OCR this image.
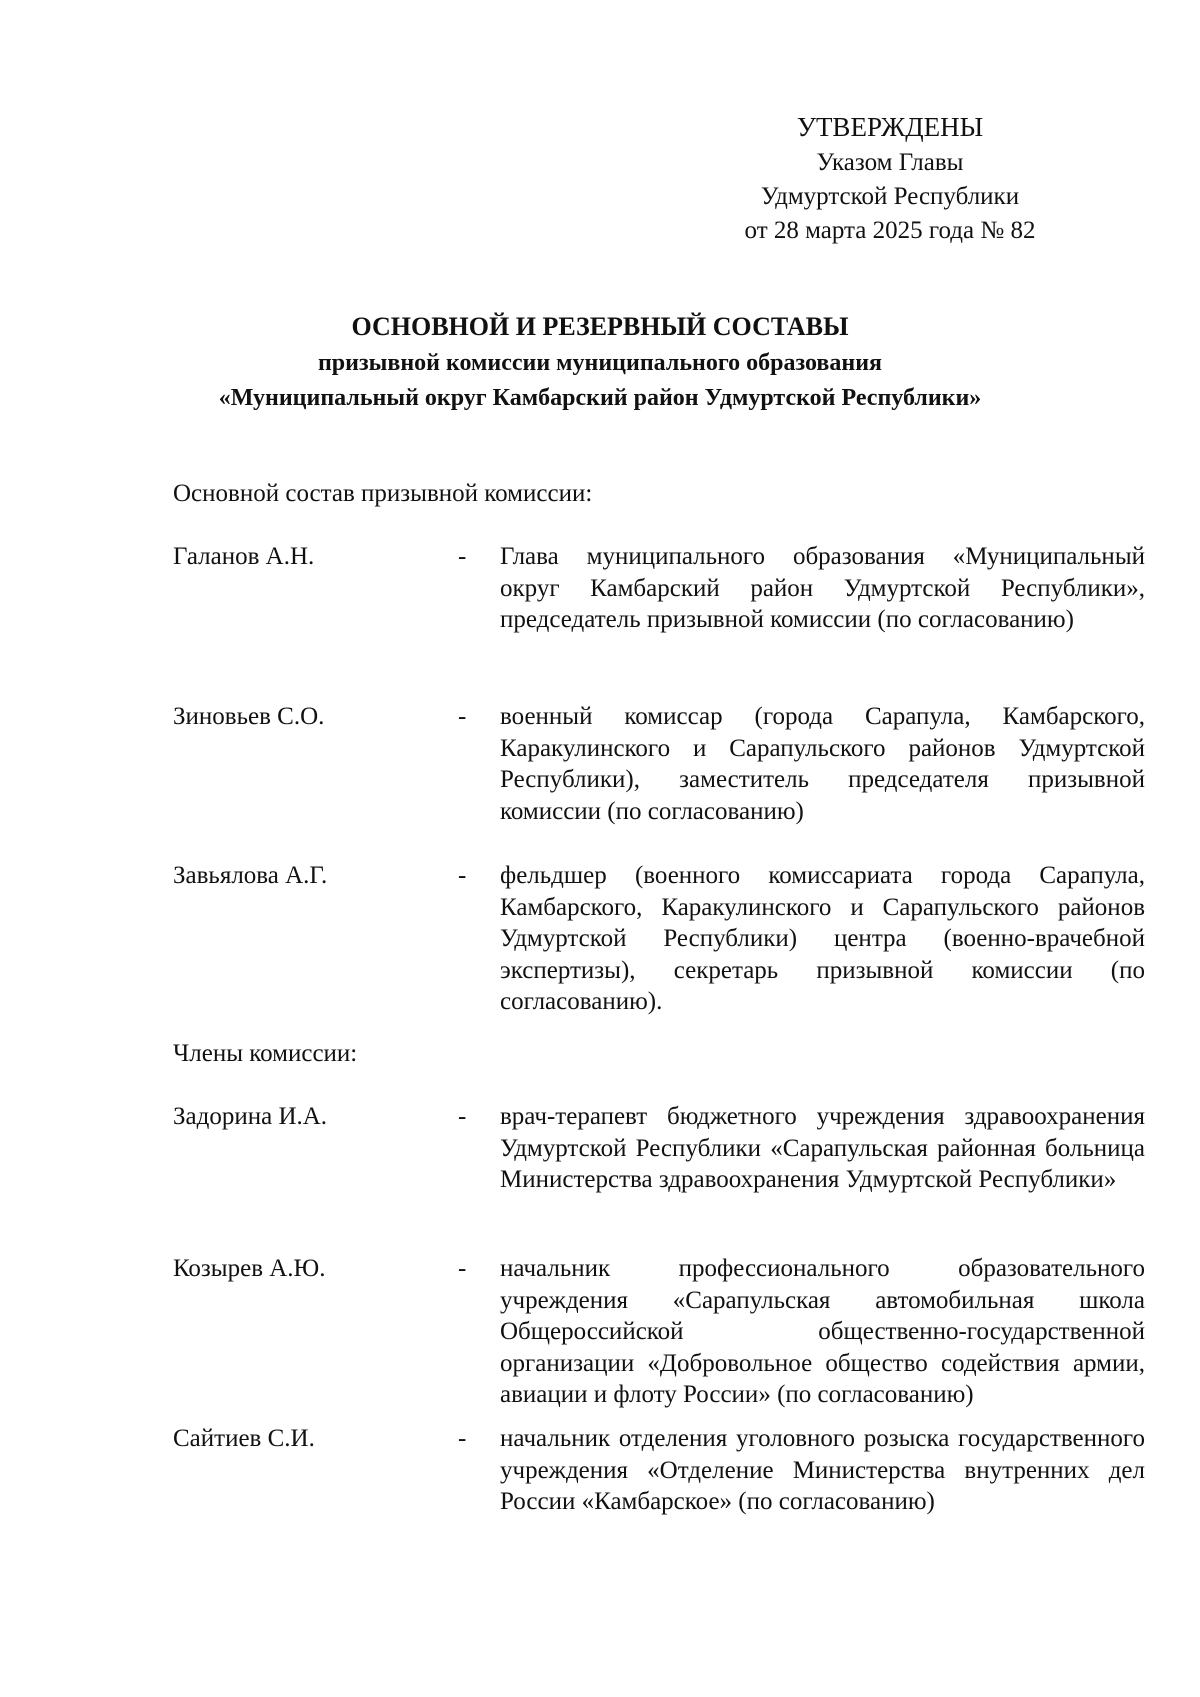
УТВЕРЖДЕНЫ
Указом Главы
Удмуртской Республики
от 28 марта 2025 года № 82
ОСНОВНОЙ И РЕЗЕРВНЫЙ СОСТАВЫ
призывной комиссии муниципального образования
«Муниципальный округ Камбарский район Удмуртской Республики»
Основной состав призывной комиссии:
Галанов А.Н.	- Глава муниципального образования «Муниципальный округ Камбарский район Удмуртской Республики», председатель призывной комиссии (по согласованию)
Зиновьев С.О.	- военный комиссар (города Сарапула, Камбарского, Каракулинского и Сарапульского районов Удмуртской Республики), заместитель председателя призывной комиссии (по согласованию)
Завьялова А.Г.	- фельдшер (военного комиссариата города Сарапула, Камбарского, Каракулинского и Сарапульского районов Удмуртской Республики) центра (военно-врачебной экспертизы), секретарь призывной комиссии (по согласованию).
Члены комиссии:
Задорина И.А.	- врач-терапевт бюджетного учреждения здравоохранения Удмуртской Республики «Сарапульская районная больница Министерства здравоохранения Удмуртской Республики»
Козырев А.Ю.	- начальник профессионального образовательного учреждения «Сарапульская автомобильная школа Общероссийской общественно-государственной организации «Добровольное общество содействия армии, авиации и флоту России» (по согласованию)
Сайтиев С.И.	- начальник отделения уголовного розыска государственного учреждения «Отделение Министерства внутренних дел России «Камбарское» (по согласованию)
